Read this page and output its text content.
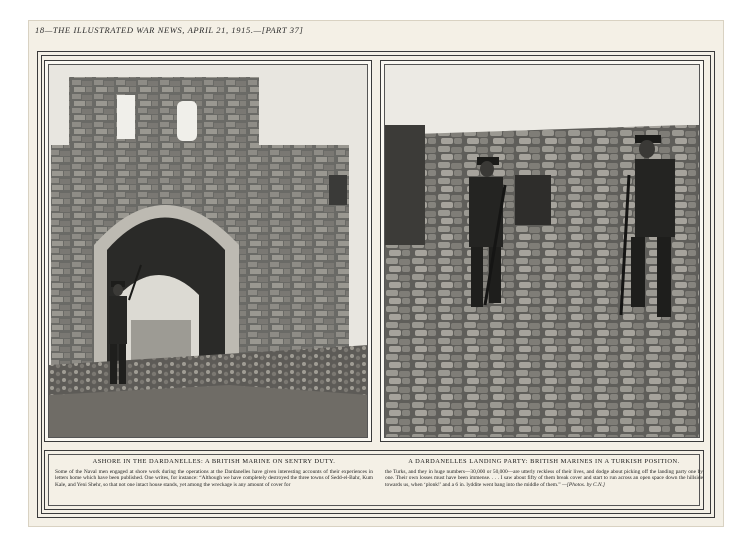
18—THE ILLUSTRATED WAR NEWS, APRIL 21, 1915.—[PART 37]
ASHORE IN THE DARDANELLES: A BRITISH MARINE ON SENTRY DUTY.
Some of the Naval men engaged at shore work during the operations at the Dardanelles have given interesting accounts of their experiences in letters home which have been published. One writes, for instance: “Although we have completely destroyed the three towns of Sedd-el-Bahr, Kum Kale, and Yeni Shehr, so that not one intact house stands, yet among the wreckage is any amount of cover for
A DARDANELLES LANDING PARTY: BRITISH MARINES IN A TURKISH POSITION.
the Turks, and they in huge numbers—30,000 or 50,000—are utterly reckless of their lives, and dodge about picking off the landing party one by one. Their own losses must have been immense. . . . I saw about fifty of them break cover and start to run across an open space down the hillside towards us, when ‘plonk!’ and a 6 in. lyddite went bang into the middle of them.” —[Photos. by C.N.]
